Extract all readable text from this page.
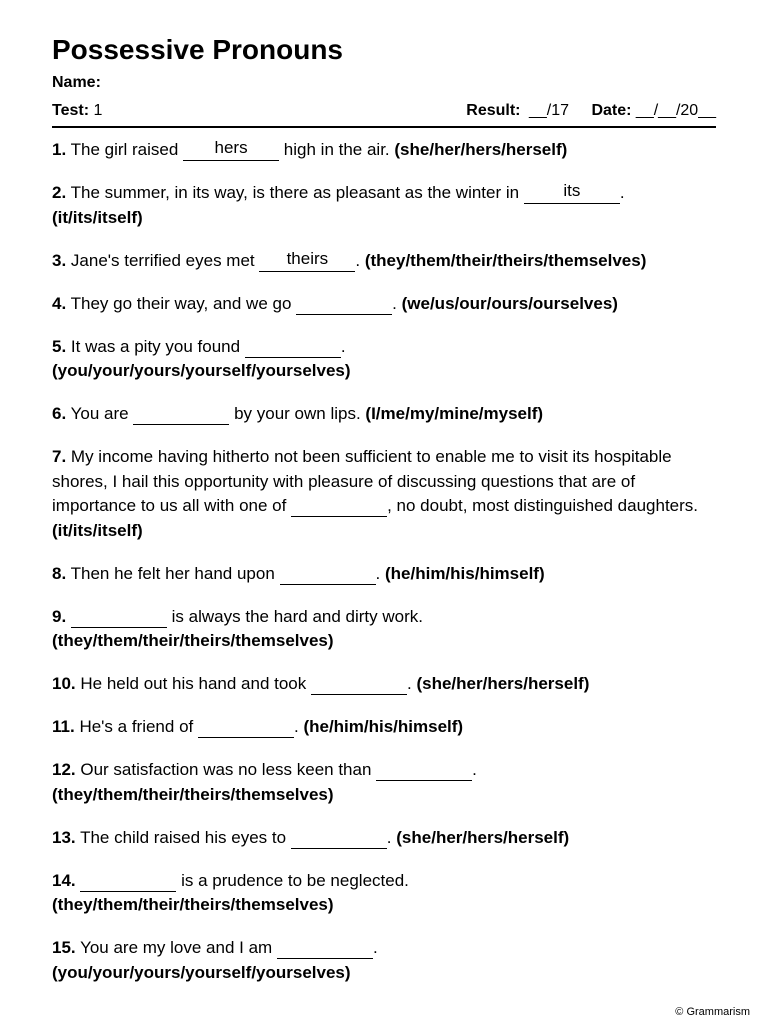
Possessive Pronouns
Name:
Test: 1	Result: __/17 Date: __/__/20__

1. The girl raised hers high in the air. (she/her/hers/herself)

2. The summer, in its way, is there as pleasant as the winter in	its .
(it/its/itself)

3. Jane's terrified eyes met theirs . (they/them/their/theirs/themselves)

4. They go their way, and we go	. (we/us/our/ours/ourselves)

5. It was a pity you found	.
(you/your/yours/yourself/yourselves)

6. You are	by your own lips. (I/me/my/mine/myself)

7. My income having hitherto not been sufficient to enable me to visit its hospitable shores, I hail this opportunity with pleasure of discussing questions that are of importance to us all with one of	, no doubt, most distinguished daughters. (it/its/itself)

8. Then he felt her hand upon	. (he/him/his/himself)

9.	is always the hard and dirty work.
(they/them/their/theirs/themselves)

10. He held out his hand and took	. (she/her/hers/herself)

11. He's a friend of	. (he/him/his/himself)

12. Our satisfaction was no less keen than	.
(they/them/their/theirs/themselves)

13. The child raised his eyes to	. (she/her/hers/herself)

14.	is a prudence to be neglected.
(they/them/their/theirs/themselves)

15. You are my love and I am	.
(you/your/yours/yourself/yourselves)

© Grammarism
